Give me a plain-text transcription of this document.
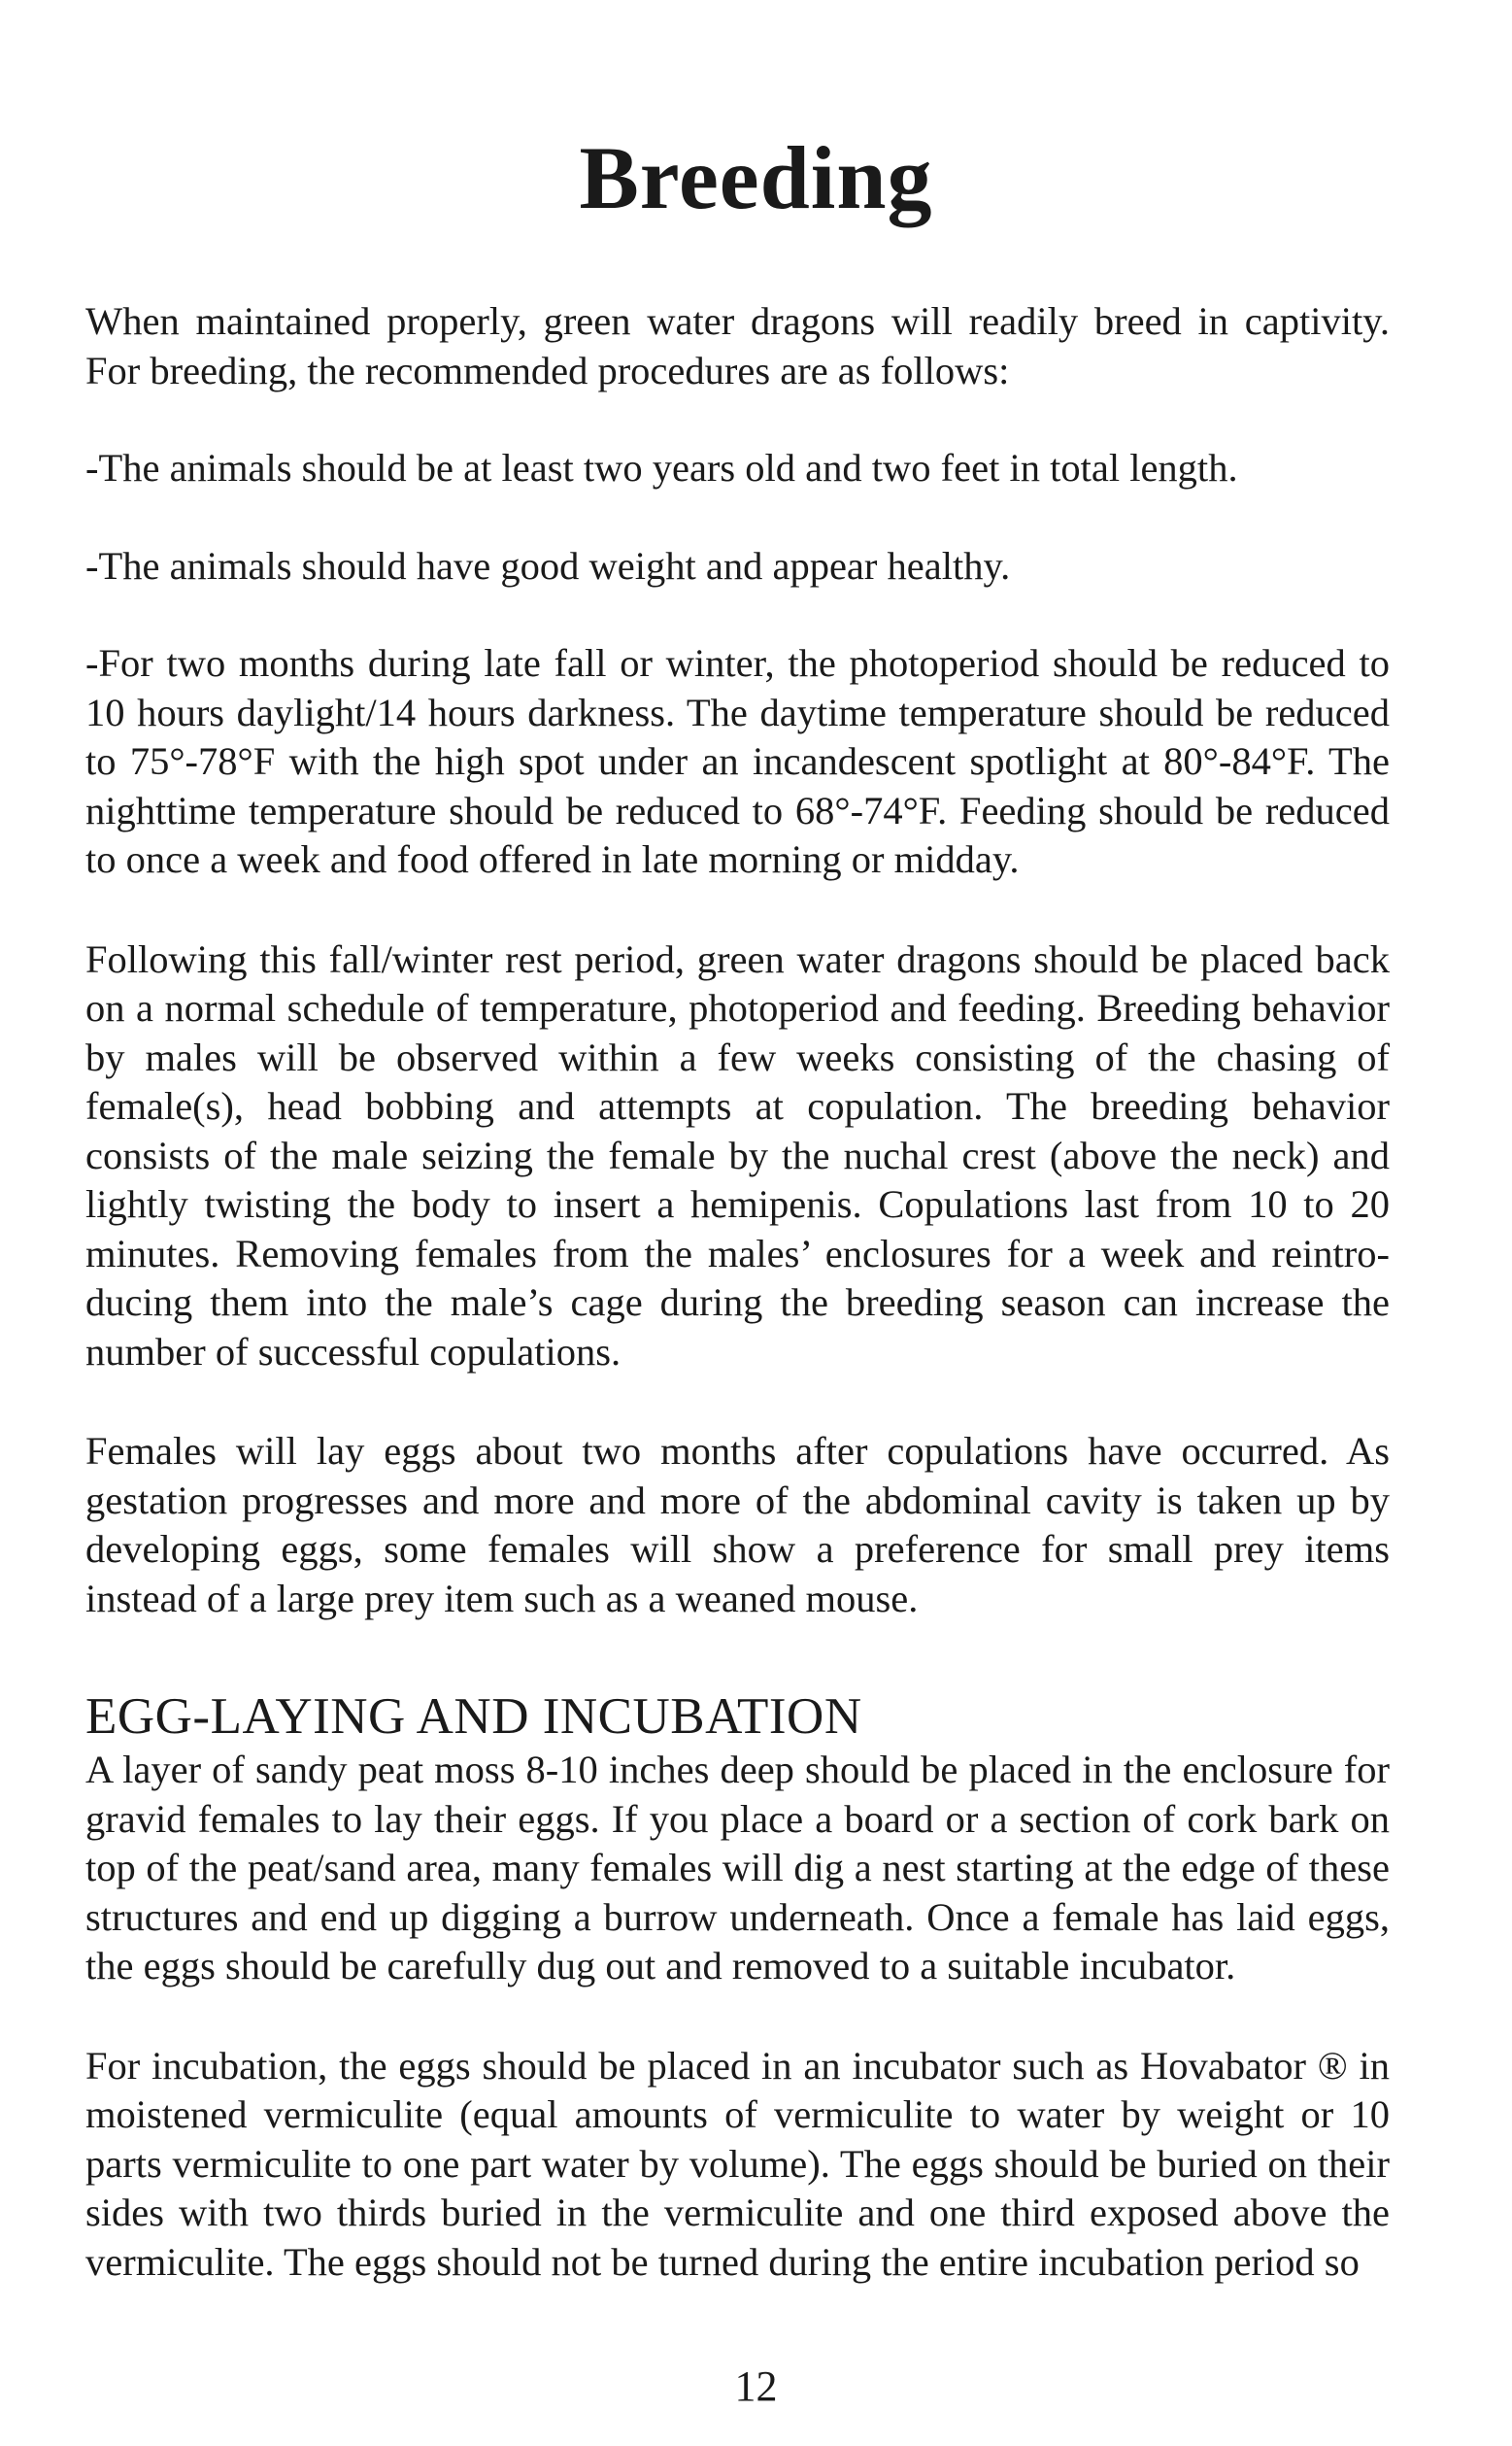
Breeding

When maintained properly, green water dragons will readily breed in captivity. For breeding, the recommended procedures are as follows:

-The animals should be at least two years old and two feet in total length.

-The animals should have good weight and appear healthy.

-For two months during late fall or winter, the photoperiod should be reduced to 10 hours daylight/14 hours darkness. The daytime temperature should be reduced to 75°-78°F with the high spot under an incandescent spotlight at 80°-84°F. The nighttime temperature should be reduced to 68°-74°F. Feeding should be reduced to once a week and food offered in late morning or midday.

Following this fall/winter rest period, green water dragons should be placed back on a normal schedule of temperature, photoperiod and feeding. Breeding behavior by males will be observed within a few weeks consisting of the chasing of female(s), head bobbing and attempts at copulation. The breeding behavior consists of the male seizing the female by the nuchal crest (above the neck) and lightly twisting the body to insert a hemipenis. Copulations last from 10 to 20 minutes. Removing females from the males’ enclosures for a week and reintro-ducing them into the male’s cage during the breeding season can increase the number of successful copulations.

Females will lay eggs about two months after copulations have occurred. As gestation progresses and more and more of the abdominal cavity is taken up by developing eggs, some females will show a preference for small prey items instead of a large prey item such as a weaned mouse.

EGG-LAYING AND INCUBATION

A layer of sandy peat moss 8-10 inches deep should be placed in the enclosure for gravid females to lay their eggs. If you place a board or a section of cork bark on top of the peat/sand area, many females will dig a nest starting at the edge of these structures and end up digging a burrow underneath. Once a female has laid eggs, the eggs should be carefully dug out and removed to a suitable incubator.

For incubation, the eggs should be placed in an incubator such as Hovabator ® in moistened vermiculite (equal amounts of vermiculite to water by weight or 10 parts vermiculite to one part water by volume). The eggs should be buried on their sides with two thirds buried in the vermiculite and one third exposed above the vermiculite. The eggs should not be turned during the entire incubation period so

12
